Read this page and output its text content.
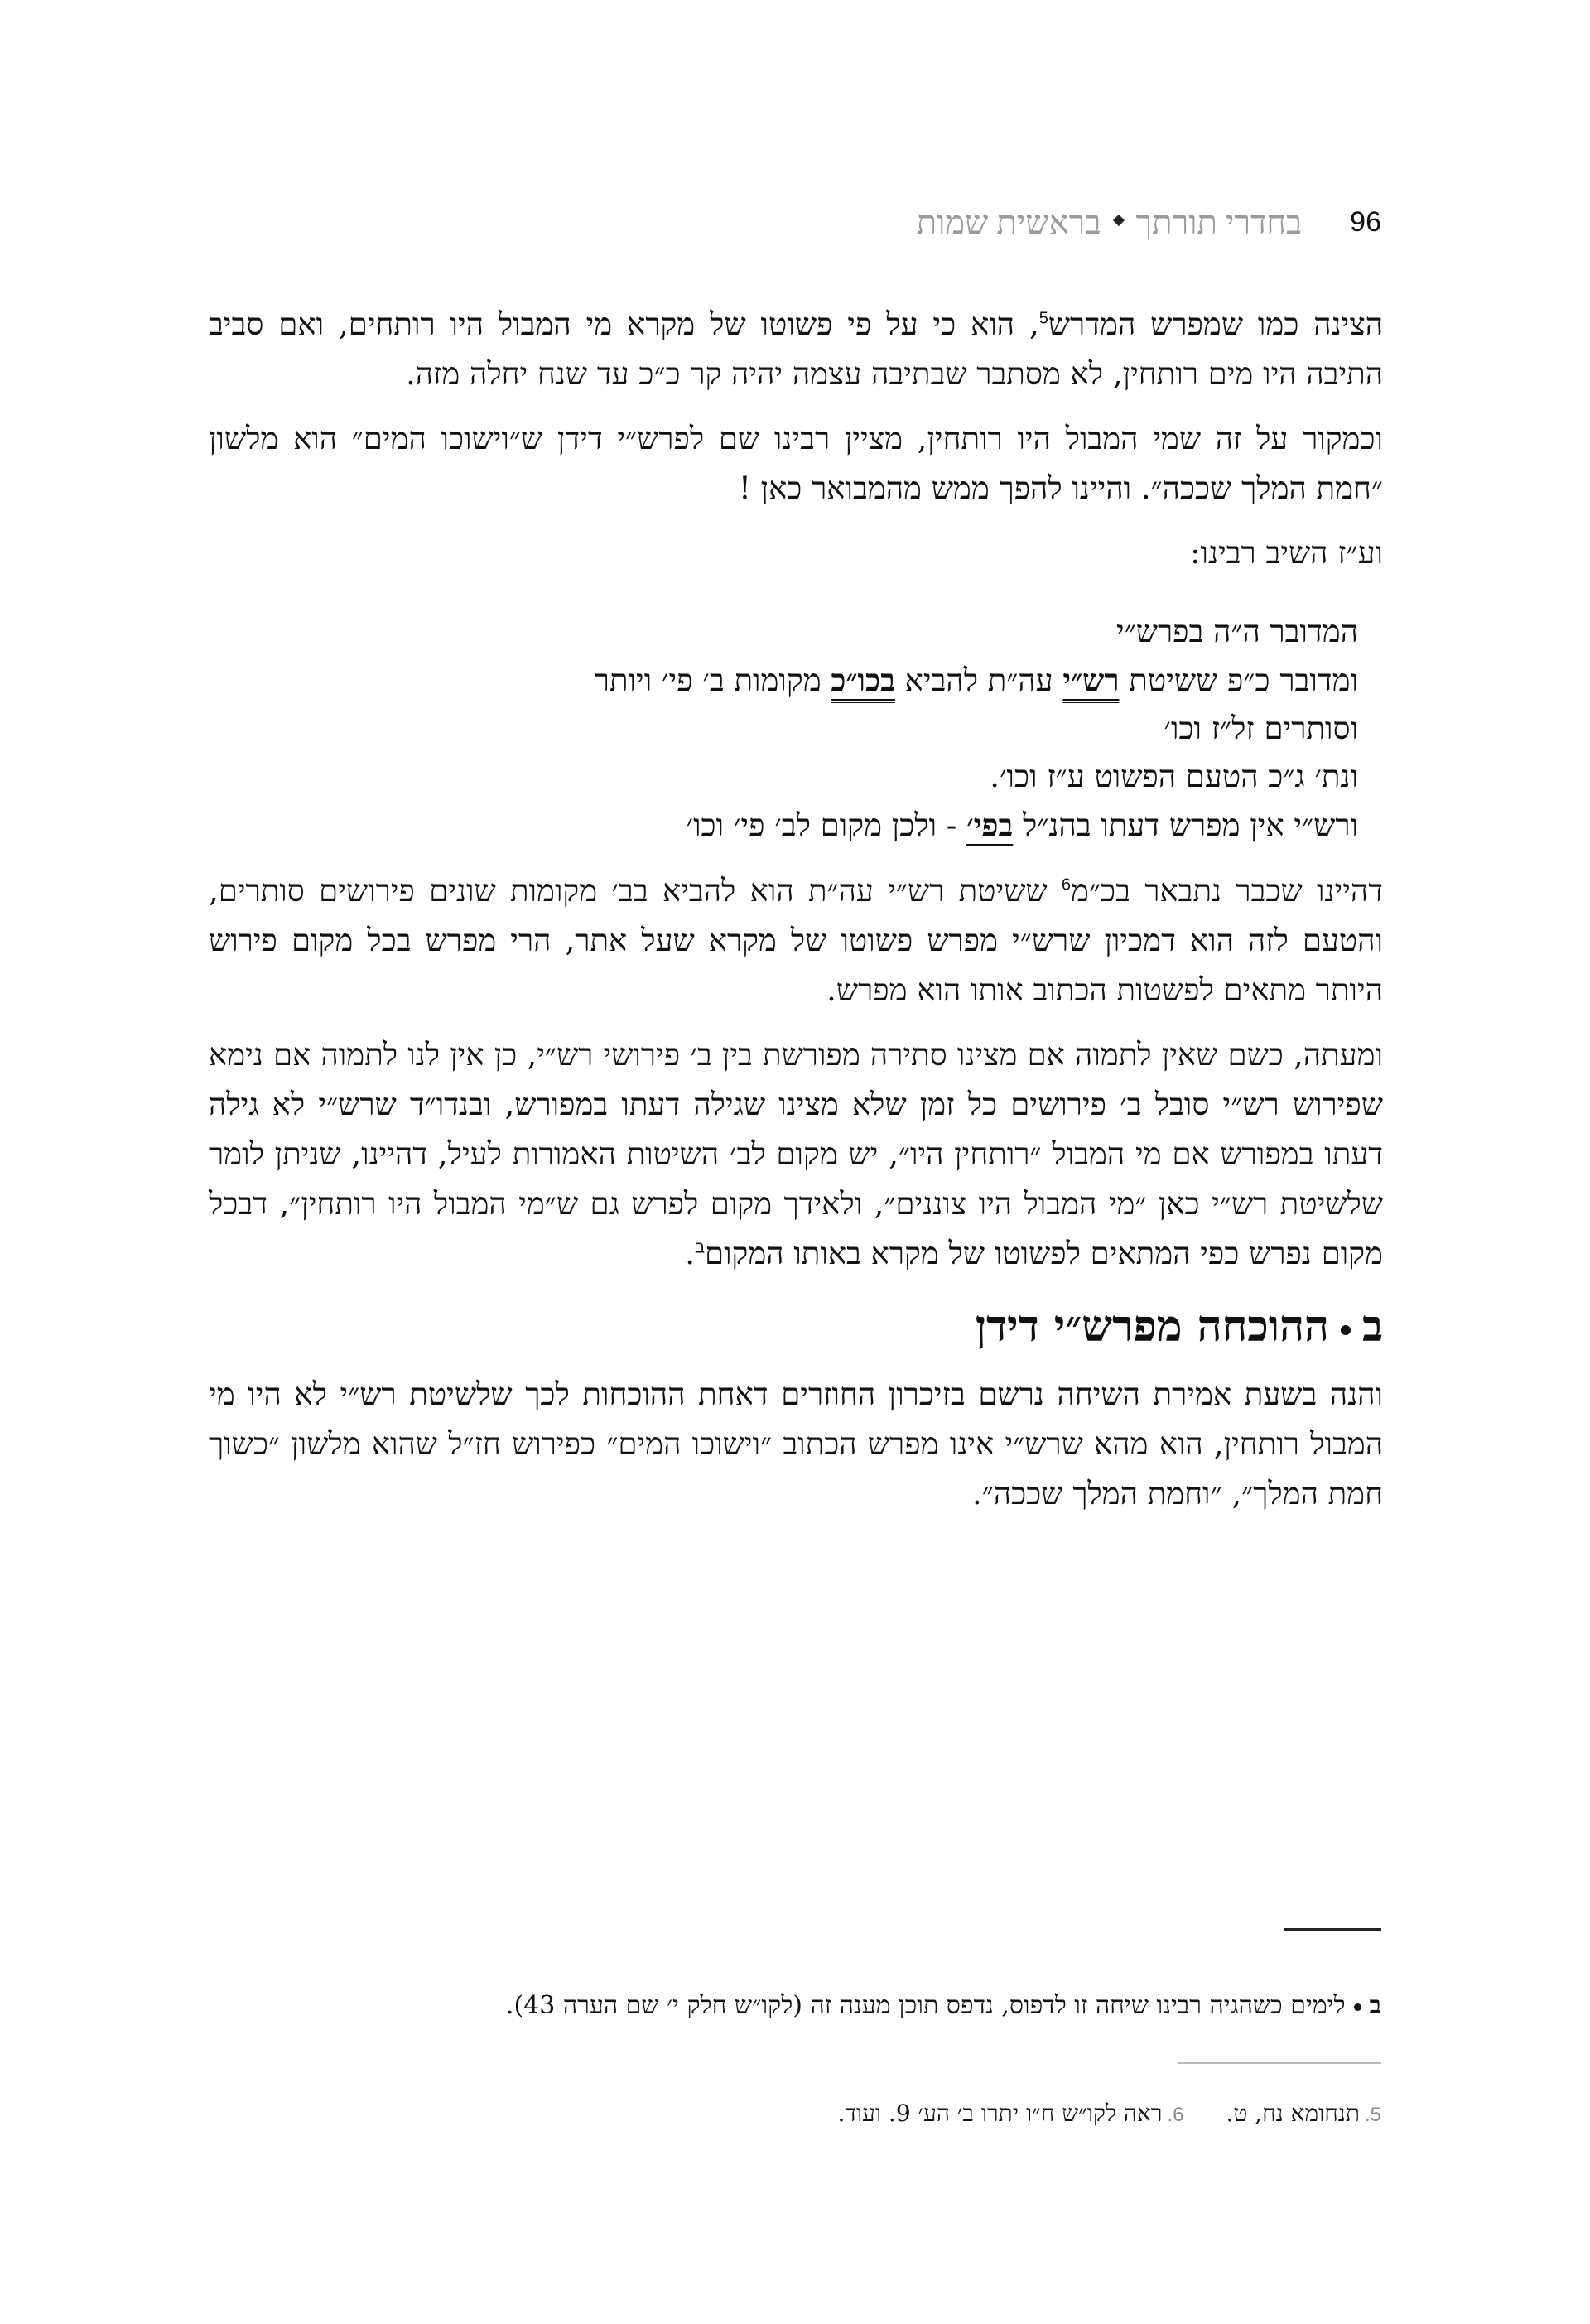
96
בחדרי תורתך
בראשית שמות

הצינה כמו שמפרש המדרש$^5$, הוא כי על פי פשוטו של מקרא מי המבול היו רותחים, ואם סביב התיבה היו מים רותחין, לא מסתבר שבתיבה עצמה יהיה קר כ״כ עד שנח יחלה מזה.

וכמקור על זה שמי המבול היו רותחין, מציין רבינו שם לפרש״י דידן ש״וישוכו המים״ הוא מלשון ״חמת המלך שככה״. והיינו להפך ממש מהמבואר כאן !

וע״ז השיב רבינו:

המדובר ה״ה בפרש״י
ומדובר כ״פ ששיטת רש״י עה״ת להביא בכו״כ מקומות ב׳ פי׳ ויותר
וסותרים זל״ז וכו׳
ונת׳ ג״כ הטעם הפשוט ע״ז וכו׳.
ורש״י אין מפרש דעתו בהנ״ל בפי׳ - ולכן מקום לב׳ פי׳ וכו׳

דהיינו שכבר נתבאר בכ״מ$^6$ ששיטת רש״י עה״ת הוא להביא בב׳ מקומות שונים פירושים סותרים, והטעם לזה הוא דמכיון שרש״י מפרש פשוטו של מקרא שעל אתר, הרי מפרש בכל מקום פירוש היותר מתאים לפשטות הכתוב אותו הוא מפרש.

ומעתה, כשם שאין לתמוה אם מצינו סתירה מפורשת בין ב׳ פירושי רש״י, כן אין לנו לתמוה אם נימא שפירוש רש״י סובל ב׳ פירושים כל זמן שלא מצינו שגילה דעתו במפורש, ובנדו״ד שרש״י לא גילה דעתו במפורש אם מי המבול ״רותחין היו״, יש מקום לב׳ השיטות האמורות לעיל, דהיינו, שניתן לומר שלשיטת רש״י כאן ״מי המבול היו צוננים״, ולאידך מקום לפרש גם ש״מי המבול היו רותחין״, דבכל מקום נפרש כפי המתאים לפשוטו של מקרא באותו המקום$^ב$.

בההוכחה מפרש״י דידן

והנה בשעת אמירת השיחה נרשם בזיכרון החוזרים דאחת ההוכחות לכך שלשיטת רש״י לא היו מי המבול רותחין, הוא מהא שרש״י אינו מפרש הכתוב ״וישוכו המים״ כפירוש חז״ל שהוא מלשון ״כשוך חמת המלך״, ״וחמת המלך שככה״.

בלימים כשהגיה רבינו שיחה זו לדפוס, נדפס תוכן מענה זה (לקו״ש חלק י׳ שם הערה 43).
5.תנחומא נח, ט. 6.ראה לקו״ש ח״ו יתרו ב׳ הע׳ 9. ועוד.
